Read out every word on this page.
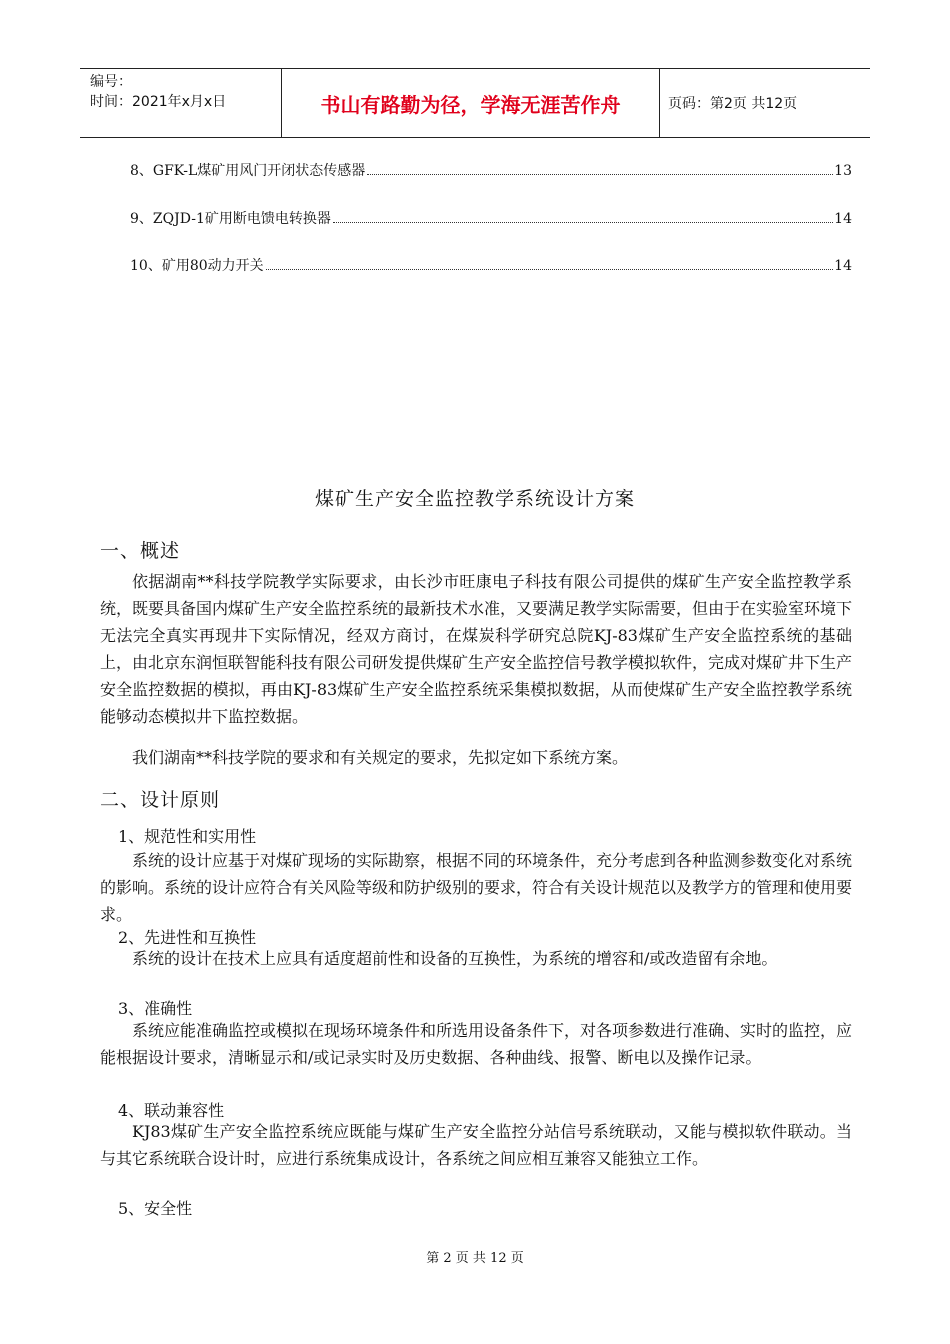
编号：
时间：2021年x月x日	书山有路勤为径，学海无涯苦作舟	页码：第2页 共12页
8、GFK-L煤矿用风门开闭状态传感器	13
9、ZQJD-1矿用断电馈电转换器	14
10、矿用80动力开关	14
煤矿生产安全监控教学系统设计方案
一、概述

依据湖南**科技学院教学实际要求，由长沙市旺康电子科技有限公司提供的煤矿生产安全监控教学系统，既要具备国内煤矿生产安全监控系统的最新技术水准，又要满足教学实际需要，但由于在实验室环境下无法完全真实再现井下实际情况，经双方商讨，在煤炭科学研究总院KJ-83煤矿生产安全监控系统的基础上，由北京东润恒联智能科技有限公司研发提供煤矿生产安全监控信号教学模拟软件，完成对煤矿井下生产安全监控数据的模拟，再由KJ-83煤矿生产安全监控系统采集模拟数据，从而使煤矿生产安全监控教学系统能够动态模拟井下监控数据。

我们湖南**科技学院的要求和有关规定的要求，先拟定如下系统方案。

二、设计原则
1、规范性和实用性

系统的设计应基于对煤矿现场的实际勘察，根据不同的环境条件，充分考虑到各种监测参数变化对系统的影响。系统的设计应符合有关风险等级和防护级别的要求，符合有关设计规范以及教学方的管理和使用要求。

2、先进性和互换性

系统的设计在技术上应具有适度超前性和设备的互换性，为系统的增容和/或改造留有余地。

3、准确性

系统应能准确监控或模拟在现场环境条件和所选用设备条件下，对各项参数进行准确、实时的监控，应能根据设计要求，清晰显示和/或记录实时及历史数据、各种曲线、报警、断电以及操作记录。

4、联动兼容性

KJ83煤矿生产安全监控系统应既能与煤矿生产安全监控分站信号系统联动，又能与模拟软件联动。当与其它系统联合设计时，应进行系统集成设计，各系统之间应相互兼容又能独立工作。

5、安全性
第 2 页 共 12 页
